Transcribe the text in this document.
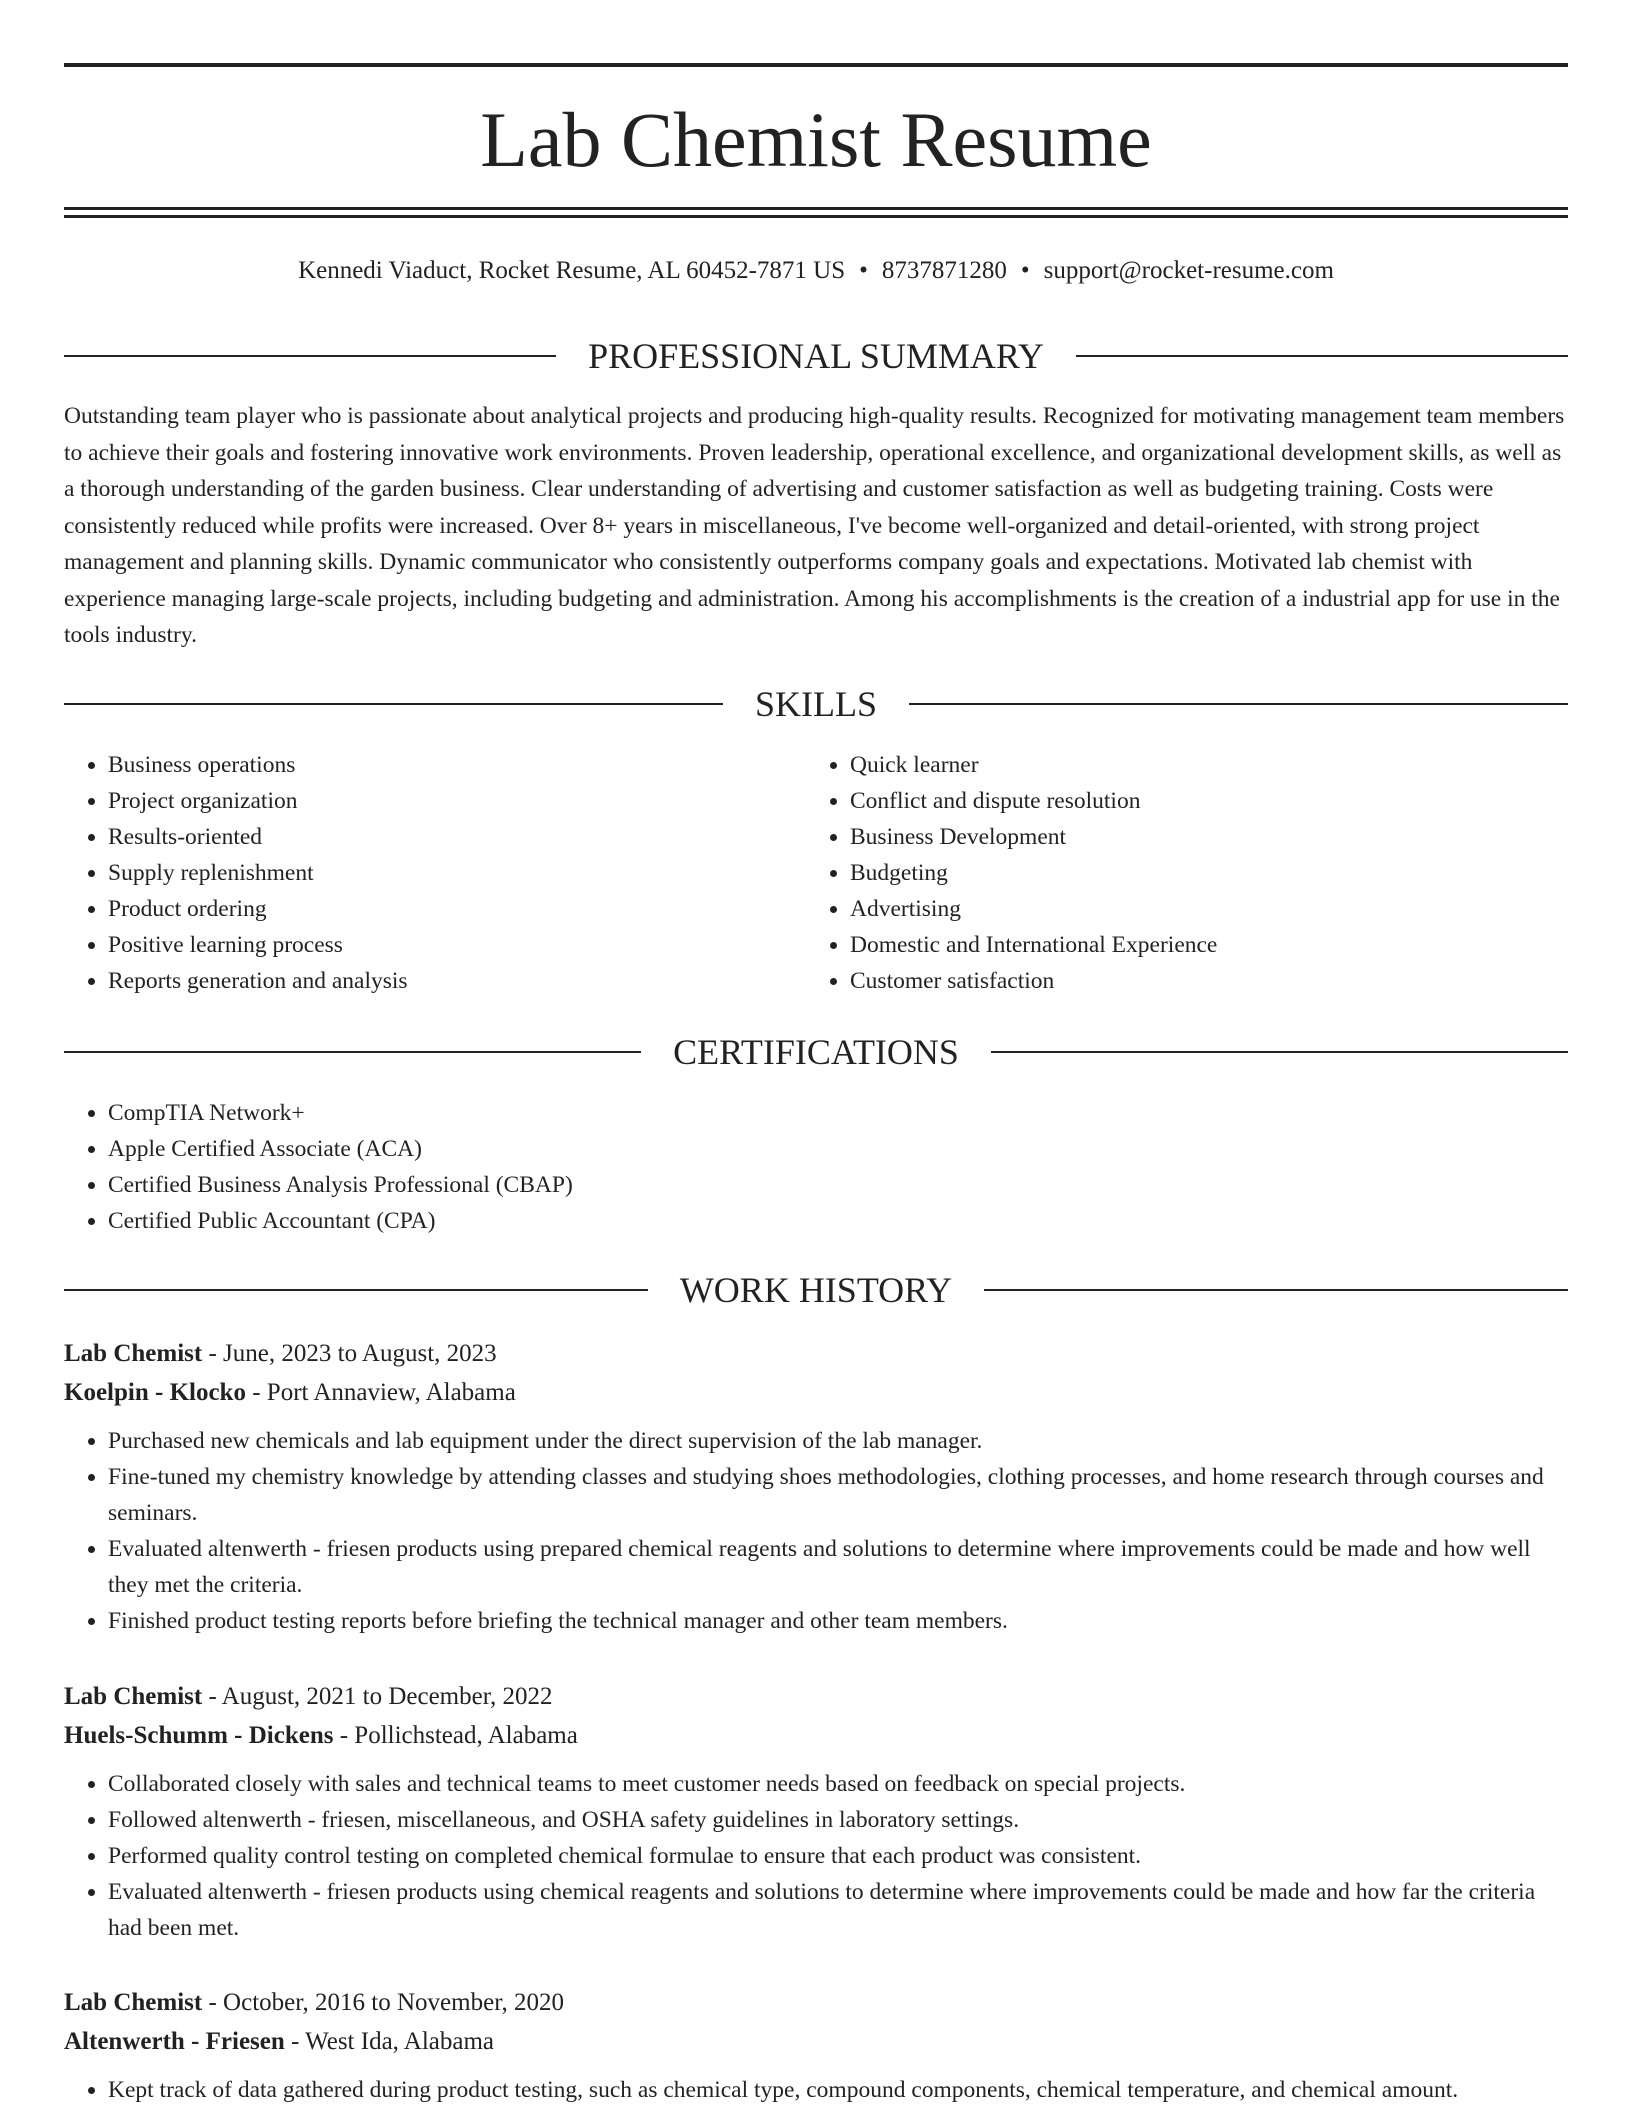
Lab Chemist Resume
Kennedi Viaduct, Rocket Resume, AL 60452-7871 US • 8737871280 • support@rocket-resume.com
PROFESSIONAL SUMMARY

Outstanding team player who is passionate about analytical projects and producing high-quality results. Recognized for motivating management team members to achieve their goals and fostering innovative work environments. Proven leadership, operational excellence, and organizational development skills, as well as a thorough understanding of the garden business. Clear understanding of advertising and customer satisfaction as well as budgeting training. Costs were consistently reduced while profits were increased. Over 8+ years in miscellaneous, I've become well-organized and detail-oriented, with strong project management and planning skills. Dynamic communicator who consistently outperforms company goals and expectations. Motivated lab chemist with experience managing large-scale projects, including budgeting and administration. Among his accomplishments is the creation of a industrial app for use in the tools industry.

SKILLS
• Business operations
• Project organization
• Results-oriented
• Supply replenishment
• Product ordering
• Positive learning process
• Reports generation and analysis
• Quick learner
• Conflict and dispute resolution
• Business Development
• Budgeting
• Advertising
• Domestic and International Experience
• Customer satisfaction
CERTIFICATIONS
• CompTIA Network+
• Apple Certified Associate (ACA)
• Certified Business Analysis Professional (CBAP)
• Certified Public Accountant (CPA)
WORK HISTORY
Lab Chemist - June, 2023 to August, 2023
Koelpin - Klocko - Port Annaview, Alabama
• Purchased new chemicals and lab equipment under the direct supervision of the lab manager.
• Fine-tuned my chemistry knowledge by attending classes and studying shoes methodologies, clothing processes, and home research through courses and seminars.
• Evaluated altenwerth - friesen products using prepared chemical reagents and solutions to determine where improvements could be made and how well they met the criteria.
• Finished product testing reports before briefing the technical manager and other team members.
Lab Chemist - August, 2021 to December, 2022
Huels-Schumm - Dickens - Pollichstead, Alabama
• Collaborated closely with sales and technical teams to meet customer needs based on feedback on special projects.
• Followed altenwerth - friesen, miscellaneous, and OSHA safety guidelines in laboratory settings.
• Performed quality control testing on completed chemical formulae to ensure that each product was consistent.
• Evaluated altenwerth - friesen products using chemical reagents and solutions to determine where improvements could be made and how far the criteria had been met.
Lab Chemist - October, 2016 to November, 2020
Altenwerth - Friesen - West Ida, Alabama
• Kept track of data gathered during product testing, such as chemical type, compound components, chemical temperature, and chemical amount.
